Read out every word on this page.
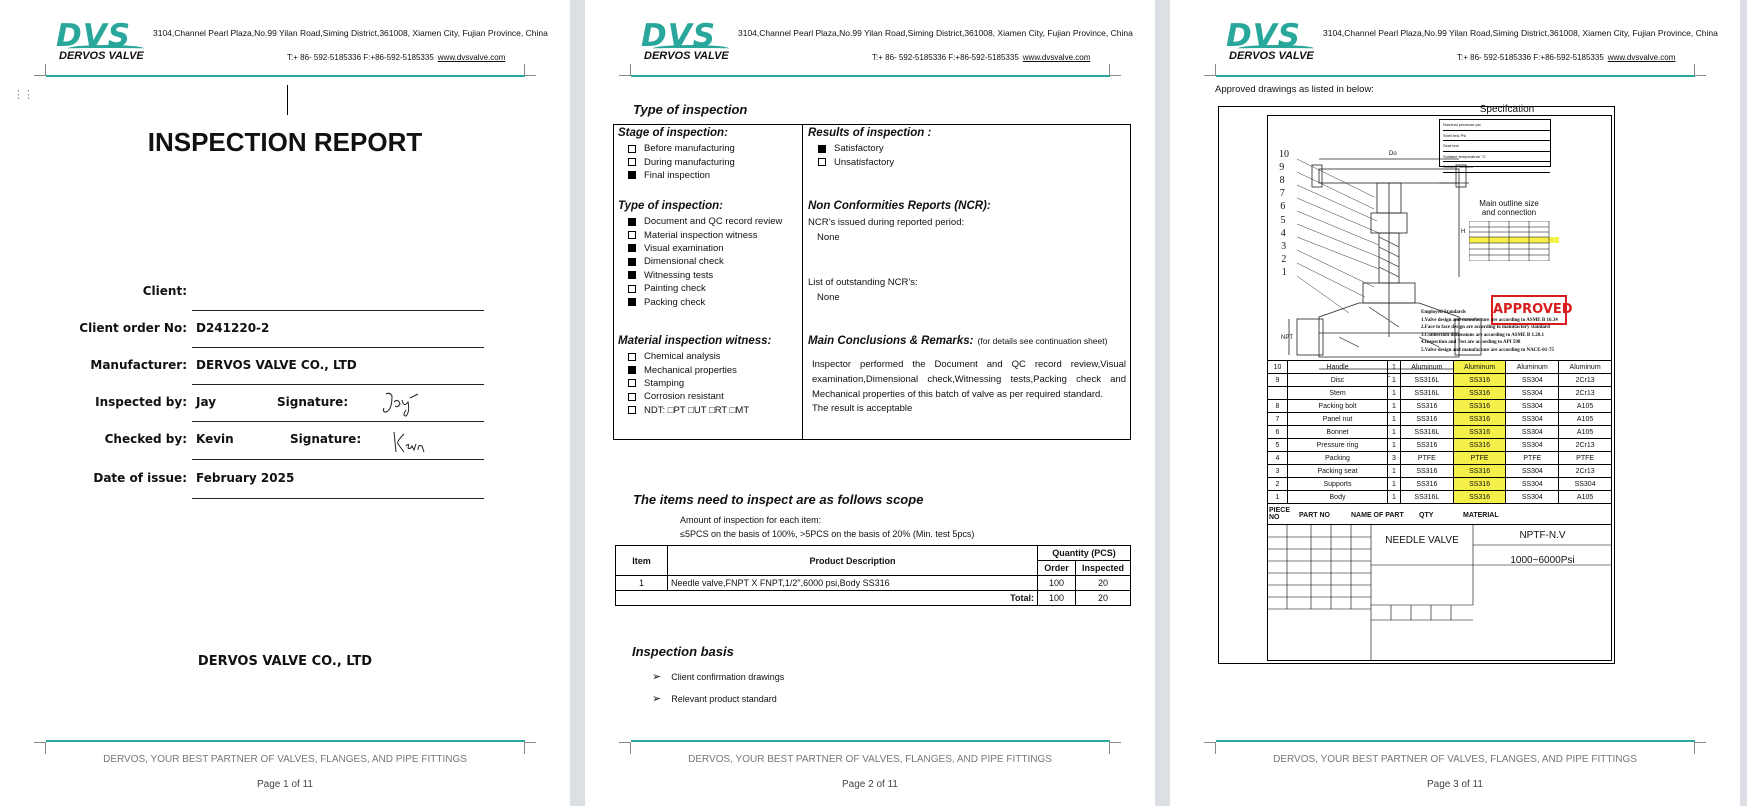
DVS
DERVOS VALVE
3104,Channel Pearl Plaza,No.99 Yilan Road,Siming District,361008, Xiamen City, Fujian Province, China
T:+ 86- 592-5185336 F:+86-592-5185335 www.dvsvalve.com
⋮⋮
INSPECTION REPORT
Client:
Client order No: D241220-2
Manufacturer: DERVOS VALVE CO., LTD
Inspected by: Jay	Signature:
Checked by: Kevin	Signature:
Date of issue: February 2025
DERVOS VALVE CO., LTD
DERVOS, YOUR BEST PARTNER OF VALVES, FLANGES, AND PIPE FITTINGS
Page 1 of 11
DVS
DERVOS VALVE
3104,Channel Pearl Plaza,No.99 Yilan Road,Siming District,361008, Xiamen City, Fujian Province, China
T:+ 86- 592-5185336 F:+86-592-5185335 www.dvsvalve.com
Type of inspection
Stage of inspection:
Before manufacturing
During manufacturing
Final inspection
Results of inspection :
Satisfactory
Unsatisfactory
Type of inspection:
Document and QC record review
Material inspection witness
Visual examination
Dimensional check
Witnessing tests
Painting check
Packing check
Non Conformities Reports (NCR):
NCR’s issued during reported period:
None
List of outstanding NCR’s:
None
Material inspection witness:
Chemical analysis
Mechanical properties
Stamping
Corrosion resistant
NDT: □PT □UT □RT □MT
Main Conclusions & Remarks: (for details see continuation sheet)
Inspector performed the Document and QC record review,Visual examination,Dimensional check,Witnessing tests,Packing check and Mechanical properties of this batch of valve as per required standard.
The result is acceptable
The items need to inspect are as follows scope
Amount of inspection for each item:
≤5PCS on the basis of 100%, >5PCS on the basis of 20% (Min. test 5pcs)
Item	Product Description	Quantity (PCS)	
		Order	Inspected
1	Needle valve,FNPT X FNPT,1/2",6000 psi,Body SS316	100	20
Total:		100	20
Inspection basis
➢ Client confirmation drawings
➢ Relevant product standard
DERVOS, YOUR BEST PARTNER OF VALVES, FLANGES, AND PIPE FITTINGS
Page 2 of 11
DVS
DERVOS VALVE
3104,Channel Pearl Plaza,No.99 Yilan Road,Siming District,361008, Xiamen City, Fujian Province, China
T:+ 86- 592-5185336 F:+86-592-5185335 www.dvsvalve.com
Approved drawings as listed in below:
Do
H
L
NPT
10
9
8
7
6
5
4
3
2
1
Specifcation
Nominal pressure psi
Shell test Psi
Seat test
Suitable temperature °C
Suitable medium
Main outline size
and connection
APPROVED
Employed Standards
1.Valve design and manufacture are according to ASME B 16.34
2.Face to face design are according to manufactory standard
3.Connection dimensions are according to ASME B 1.20.1
4.Inspection and Test are according to API 598
5.Valve design and manufacture are according to NACE-01-75
10	Handle	1	Aluminum	Aluminum	Aluminum	Aluminum
9	Disc	1	SS316L	SS316	SS304	2Cr13
	Stem	1	SS316L	SS316	SS304	2Cr13
8	Packing bolt	1	SS316	SS316	SS304	A105
7	Panel nut	1	SS316	SS316	SS304	A105
6	Bonnet	1	SS316L	SS316	SS304	A105
5	Pressure ring	1	SS316	SS316	SS304	2Cr13
4	Packing	3	PTFE	PTFE	PTFE	PTFE
3	Packing seat	1	SS316	SS316	SS304	2Cr13
2	Supports	1	SS316	SS316	SS304	SS304
1	Body	1	SS316L	SS316	SS304	A105
PIECE NO	PART NO	NAME OF PART QTY	MATERIAL
NEEDLE VALVE	NPTF-N.V
1000~6000Psi
DERVOS, YOUR BEST PARTNER OF VALVES, FLANGES, AND PIPE FITTINGS
Page 3 of 11
